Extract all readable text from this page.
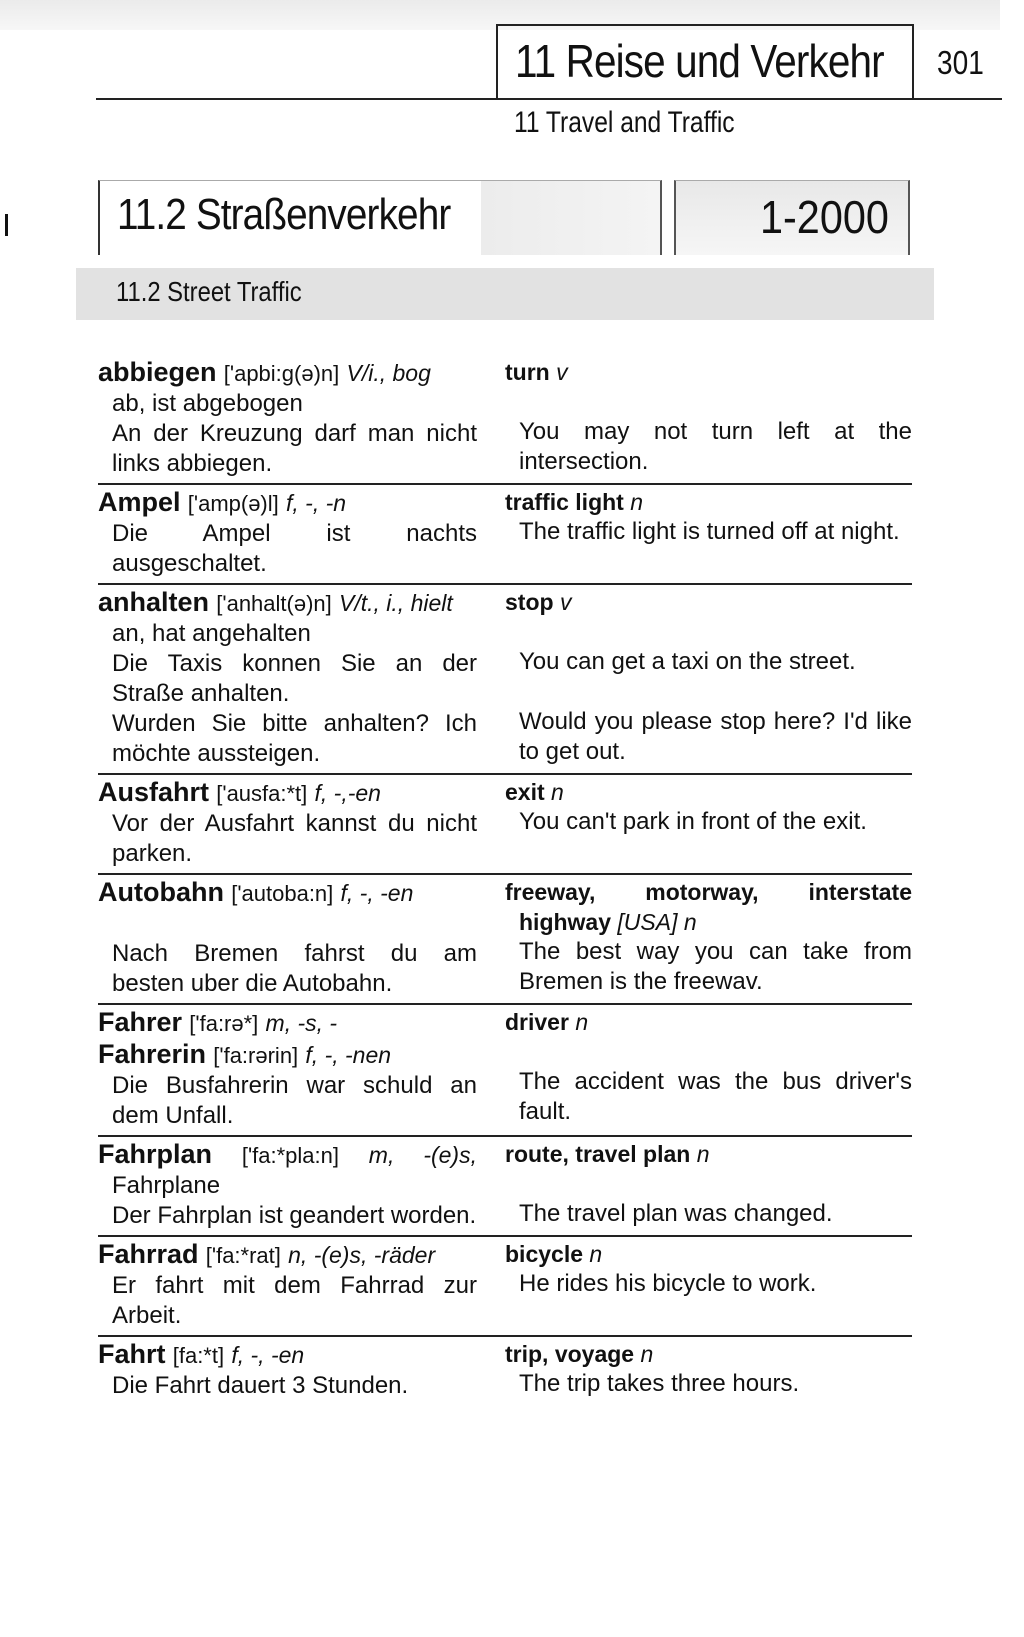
11 Reise und Verkehr 301
11 Travel and Traffic
11.2 Straßenverkehr	1-2000
11.2 Street Traffic
abbiegen ['apbi:g(ə)n] V/i., bog
ab, ist abgebogen
An der Kreuzung darf man nicht links abbiegen.
turn v
You may not turn left at the intersection.
Ampel ['amp(ə)l] f, -, -n
Die Ampel ist nachts ausgeschaltet.
traffic light n
The traffic light is turned off at night.
anhalten ['anhalt(ə)n] V/t., i., hielt
an, hat angehalten
Die Taxis konnen Sie an der Straße anhalten.
Wurden Sie bitte anhalten? Ich möchte aussteigen.
stop v
You can get a taxi on the street.
Would you please stop here? I'd like to get out.
Ausfahrt ['ausfa:*t] f, -,-en
Vor der Ausfahrt kannst du nicht parken.
exit n
You can't park in front of the exit.
Autobahn ['autoba:n] f, -, -en
Nach Bremen fahrst du am besten uber die Autobahn.
freeway, motorway, interstate
highway [USA] n
The best way you can take from Bremen is the freewav.
Fahrer ['fa:rə*] m, -s, -
Fahrerin ['fa:rərin] f, -, -nen
Die Busfahrerin war schuld an dem Unfall.
driver n
The accident was the bus driver's fault.
Fahrplan ['fa:*pla:n] m, -(e)s,
Fahrplane
Der Fahrplan ist geandert worden.
route, travel plan n
The travel plan was changed.
Fahrrad ['fa:*rat] n, -(e)s, -räder
Er fahrt mit dem Fahrrad zur Arbeit.
bicycle n
He rides his bicycle to work.
Fahrt [fa:*t] f, -, -en
Die Fahrt dauert 3 Stunden.
trip, voyage n
The trip takes three hours.
